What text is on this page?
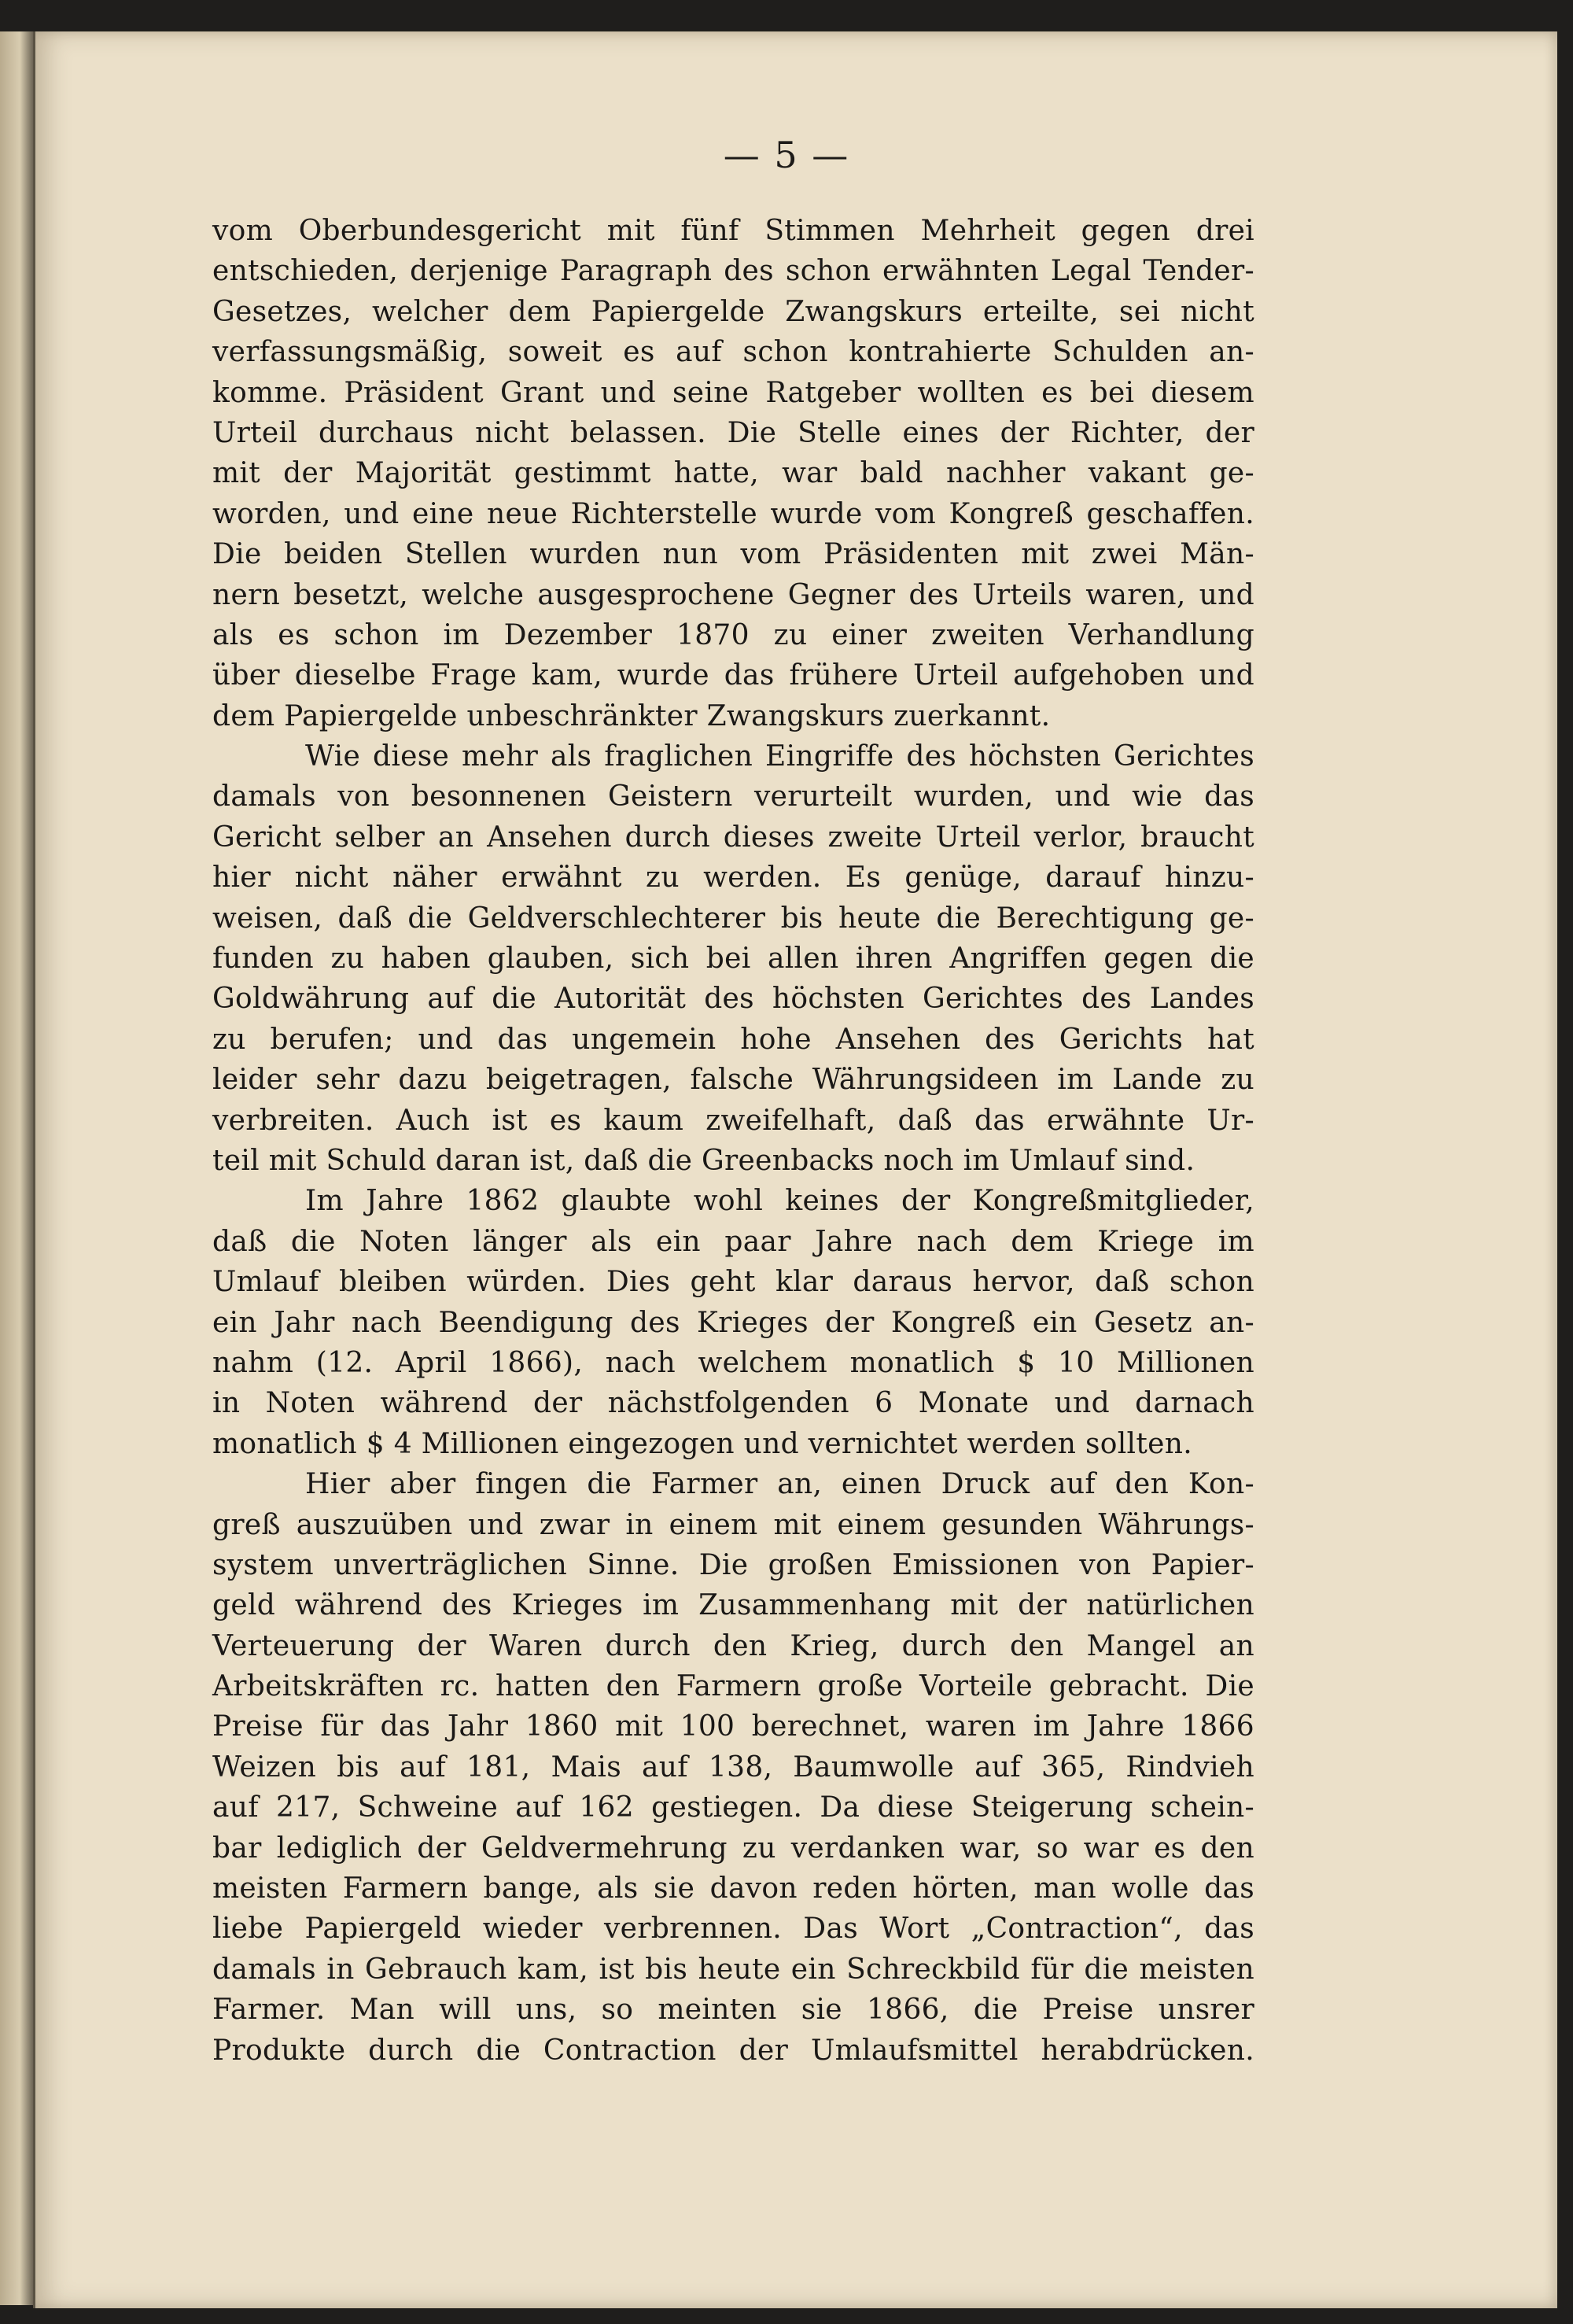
— 5 —
vom Oberbundesgericht mit fünf Stimmen Mehrheit gegen drei
entschieden, derjenige Paragraph des schon erwähnten Legal Tender-
Gesetzes, welcher dem Papiergelde Zwangskurs erteilte, sei nicht
verfassungsmäßig, soweit es auf schon kontrahierte Schulden an-
komme. Präsident Grant und seine Ratgeber wollten es bei diesem
Urteil durchaus nicht belassen. Die Stelle eines der Richter, der
mit der Majorität gestimmt hatte, war bald nachher vakant ge-
worden, und eine neue Richterstelle wurde vom Kongreß geschaffen.
Die beiden Stellen wurden nun vom Präsidenten mit zwei Män-
nern besetzt, welche ausgesprochene Gegner des Urteils waren, und
als es schon im Dezember 1870 zu einer zweiten Verhandlung
über dieselbe Frage kam, wurde das frühere Urteil aufgehoben und
dem Papiergelde unbeschränkter Zwangskurs zuerkannt.
Wie diese mehr als fraglichen Eingriffe des höchsten Gerichtes
damals von besonnenen Geistern verurteilt wurden, und wie das
Gericht selber an Ansehen durch dieses zweite Urteil verlor, braucht
hier nicht näher erwähnt zu werden. Es genüge, darauf hinzu-
weisen, daß die Geldverschlechterer bis heute die Berechtigung ge-
funden zu haben glauben, sich bei allen ihren Angriffen gegen die
Goldwährung auf die Autorität des höchsten Gerichtes des Landes
zu berufen; und das ungemein hohe Ansehen des Gerichts hat
leider sehr dazu beigetragen, falsche Währungsideen im Lande zu
verbreiten. Auch ist es kaum zweifelhaft, daß das erwähnte Ur-
teil mit Schuld daran ist, daß die Greenbacks noch im Umlauf sind.
Im Jahre 1862 glaubte wohl keines der Kongreßmitglieder,
daß die Noten länger als ein paar Jahre nach dem Kriege im
Umlauf bleiben würden. Dies geht klar daraus hervor, daß schon
ein Jahr nach Beendigung des Krieges der Kongreß ein Gesetz an-
nahm (12. April 1866), nach welchem monatlich $ 10 Millionen
in Noten während der nächstfolgenden 6 Monate und darnach
monatlich $ 4 Millionen eingezogen und vernichtet werden sollten.
Hier aber fingen die Farmer an, einen Druck auf den Kon-
greß auszuüben und zwar in einem mit einem gesunden Währungs-
system unverträglichen Sinne. Die großen Emissionen von Papier-
geld während des Krieges im Zusammenhang mit der natürlichen
Verteuerung der Waren durch den Krieg, durch den Mangel an
Arbeitskräften rc. hatten den Farmern große Vorteile gebracht. Die
Preise für das Jahr 1860 mit 100 berechnet, waren im Jahre 1866
Weizen bis auf 181, Mais auf 138, Baumwolle auf 365, Rindvieh
auf 217, Schweine auf 162 gestiegen. Da diese Steigerung schein-
bar lediglich der Geldvermehrung zu verdanken war, so war es den
meisten Farmern bange, als sie davon reden hörten, man wolle das
liebe Papiergeld wieder verbrennen. Das Wort „Contraction“, das
damals in Gebrauch kam, ist bis heute ein Schreckbild für die meisten
Farmer. Man will uns, so meinten sie 1866, die Preise unsrer
Produkte durch die Contraction der Umlaufsmittel herabdrücken.
